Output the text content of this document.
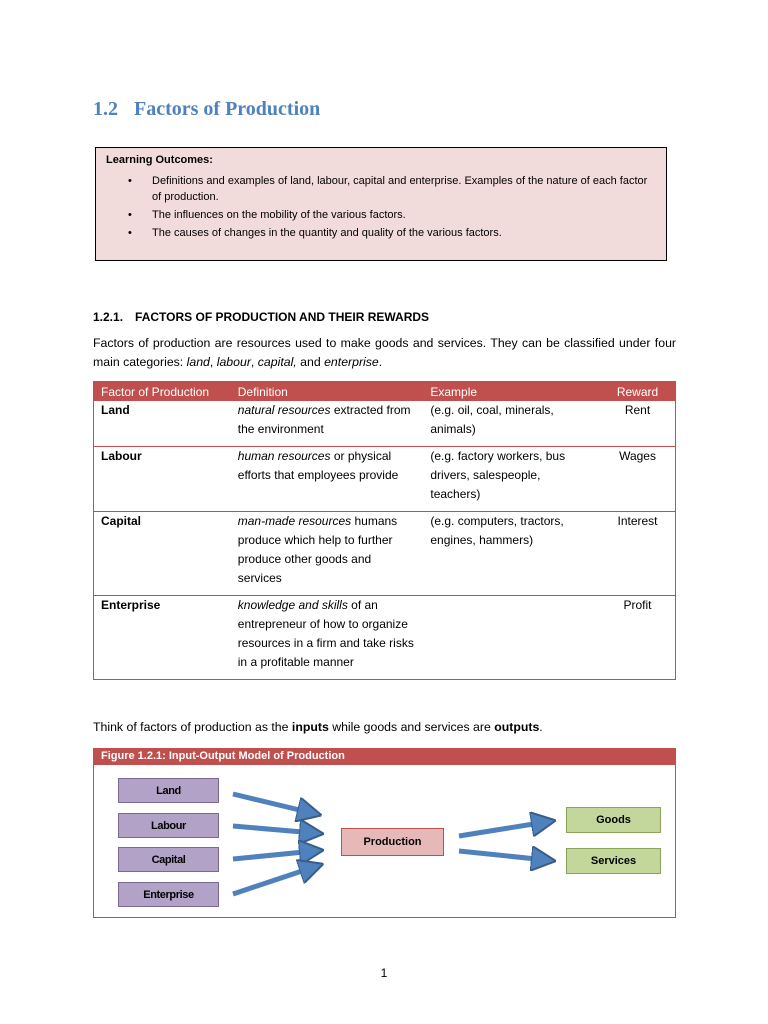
1.2 Factors of Production

Learning Outcomes:

• Definitions and examples of land, labour, capital and enterprise. Examples of the nature of each factor of production.
• The influences on the mobility of the various factors.
• The causes of changes in the quantity and quality of the various factors.
1.2.1. FACTORS OF PRODUCTION AND THEIR REWARDS

Factors of production are resources used to make goods and services. They can be classified under four main categories: land, labour, capital, and enterprise.

Factor of Production	Definition	Example	Reward
Land	natural resources extracted from the environment	(e.g. oil, coal, minerals, animals)	Rent
Labour	human resources or physical efforts that employees provide	(e.g. factory workers, bus drivers, salespeople, teachers)	Wages
Capital	man-made resources humans produce which help to further produce other goods and services	(e.g. computers, tractors, engines, hammers)	Interest
Enterprise	knowledge and skills of an entrepreneur of how to organize resources in a firm and take risks in a profitable manner		Profit

Think of factors of production as the inputs while goods and services are outputs.

Figure 1.2.1: Input-Output Model of Production
Land
Labour
Capital
Enterprise
Production
Goods
Services
1
